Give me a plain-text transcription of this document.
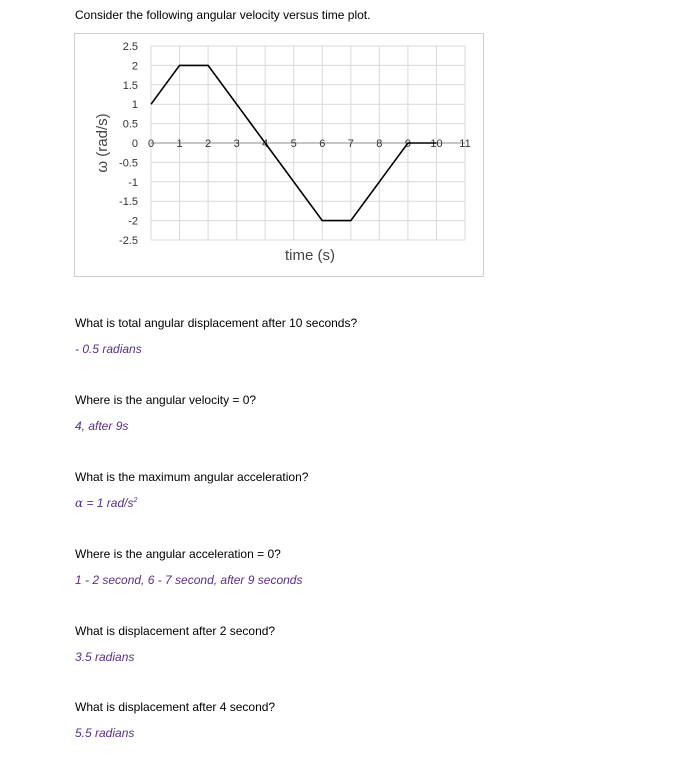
Consider the following angular velocity versus time plot.
2.5
2
1.5
1
0.5
0
-0.5
-1
-1.5
-2
-2.5
0 1 2 3 4 5 6 7 8 9 10 11
time (s)
ω (rad/s)
What is total angular displacement after 10 seconds?
- 0.5 radians
Where is the angular velocity = 0?
4, after 9s
What is the maximum angular acceleration?
α = 1 rad/$s^2$
Where is the angular acceleration = 0?
1 - 2 second, 6 - 7 second, after 9 seconds
What is displacement after 2 second?
3.5 radians
What is displacement after 4 second?
5.5 radians
